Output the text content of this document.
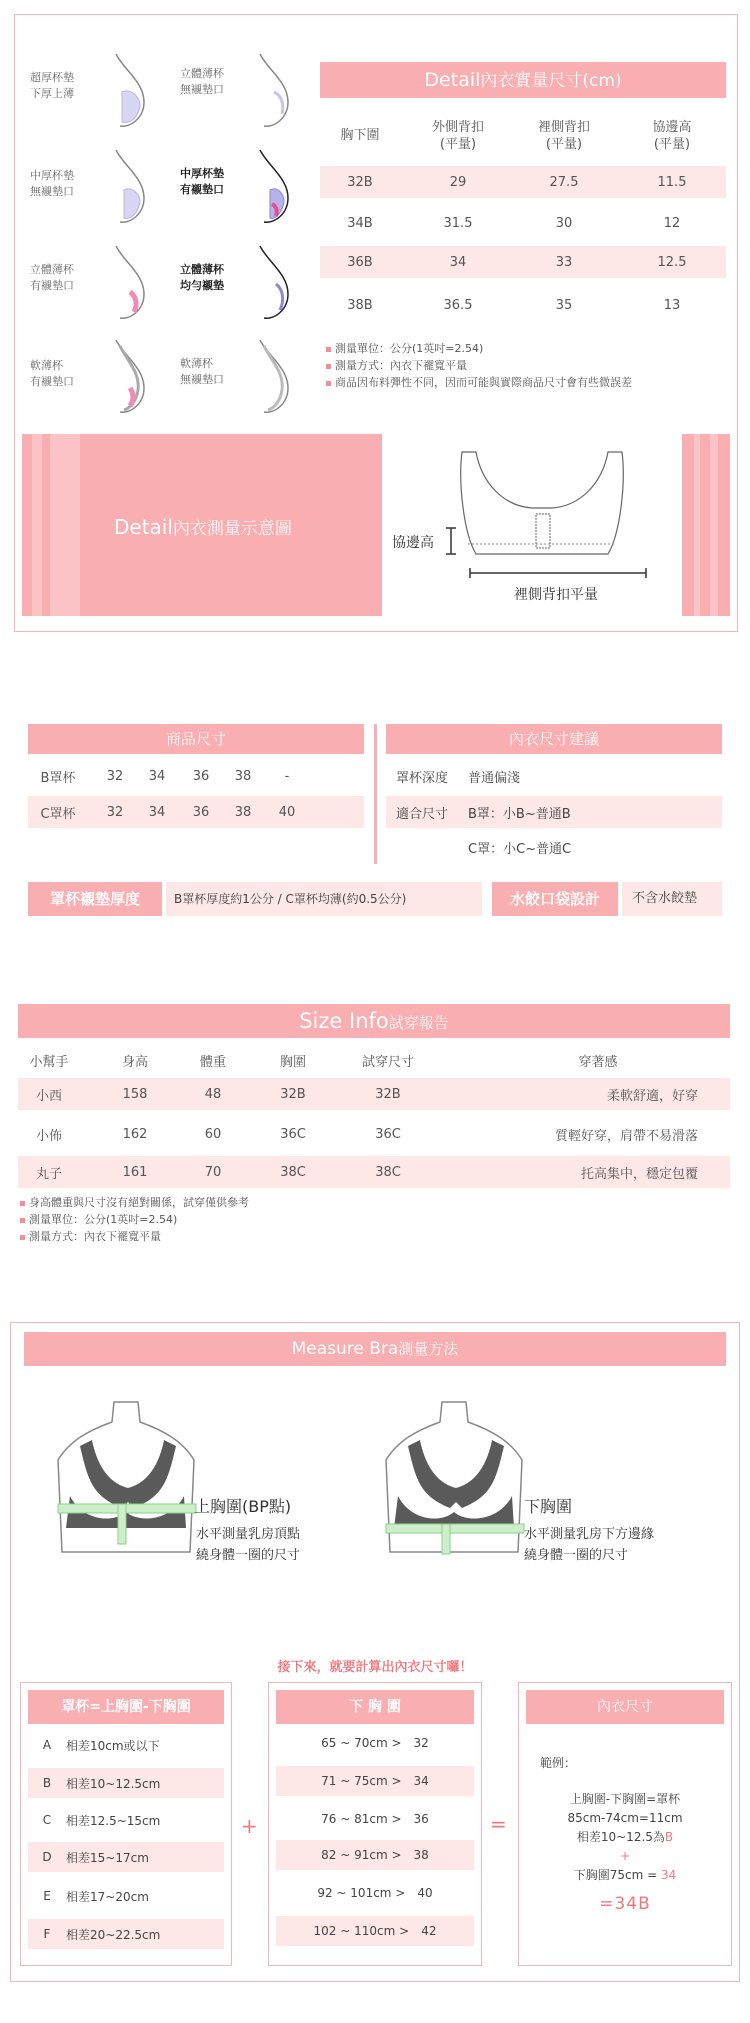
超厚杯墊
下厚上薄
立體薄杯
無襯墊口
中厚杯墊
無襯墊口
中厚杯墊
有襯墊口
立體薄杯
有襯墊口
立體薄杯
均勻襯墊
軟薄杯
有襯墊口
軟薄杯
無襯墊口
Detail內衣實量尺寸(cm)
胸下圍
外側背扣
(平量)
裡側背扣
(平量)
協邊高
(平量)
32B	29	27.5	11.5
34B	31.5	30	12
36B	34	33	12.5
38B	36.5	35	13
測量單位：公分(1英吋=2.54)
測量方式：內衣下襬寬平量
商品因布料彈性不同，因而可能與實際商品尺寸會有些微誤差
Detail內衣測量示意圖
協邊高
裡側背扣平量
商品尺寸
B罩杯	32	34	36	38	-
C罩杯	32	34	36	38	40
內衣尺寸建議
罩杯深度	普通偏淺
適合尺寸	B罩：小B~普通B
C罩：小C~普通C
罩杯襯墊厚度	B罩杯厚度約1公分 / C罩杯均薄(約0.5公分)	水餃口袋設計	不含水餃墊
Size Info試穿報告
小幫手	身高	體重	胸圍	試穿尺寸	穿著感
小西	158	48	32B	32B	柔軟舒適，好穿
小佈	162	60	36C	36C	質輕好穿，肩帶不易滑落
丸子	161	70	38C	38C	托高集中，穩定包覆
身高體重與尺寸沒有絕對關係，試穿僅供參考
測量單位：公分(1英吋=2.54)
測量方式：內衣下襬寬平量
Measure Bra測量方法
上胸圍(BP點)
水平測量乳房頂點
繞身體一圈的尺寸
下胸圍
水平測量乳房下方邊緣
繞身體一圈的尺寸
接下來，就要計算出內衣尺寸囉！
罩杯=上胸圍-下胸圍
A	相差10cm或以下
B	相差10~12.5cm
C	相差12.5~15cm
D	相差15~17cm
E	相差17~20cm
F	相差20~22.5cm
+
下 胸 圍
65 ~ 70cm > 32
71 ~ 75cm > 34
76 ~ 81cm > 36
82 ~ 91cm > 38
92 ~ 101cm > 40
102 ~ 110cm > 42
=
內衣尺寸
範例：
上胸圍-下胸圍=罩杯
85cm-74cm=11cm
相差10~12.5為B
+
下胸圍75cm = 34
=34B
